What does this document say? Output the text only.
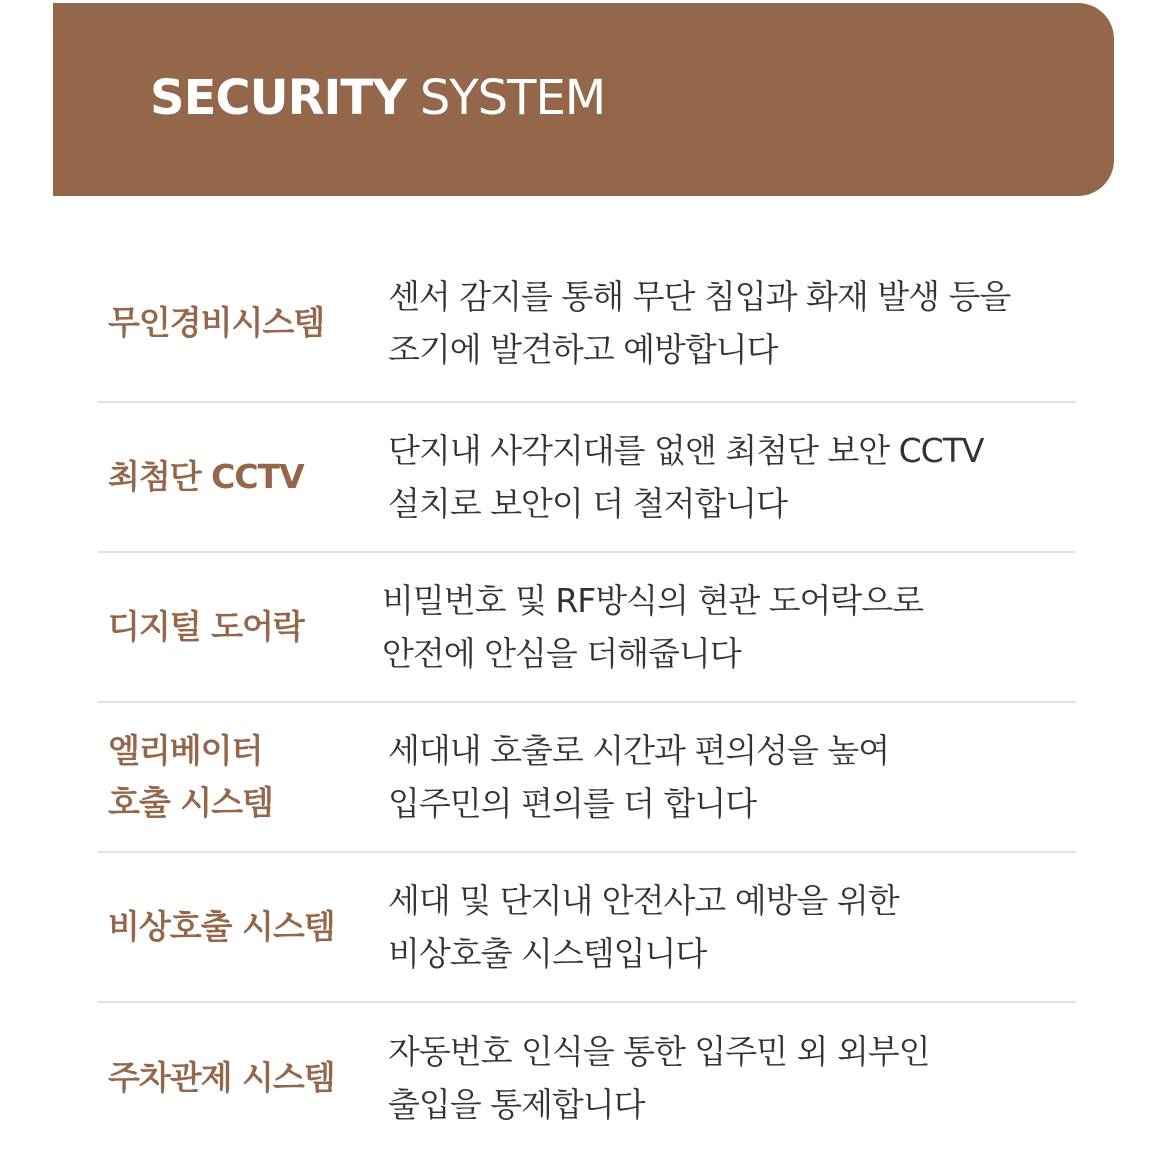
SECURITY SYSTEM
무인경비시스템
센서 감지를 통해 무단 침입과 화재 발생 등을
조기에 발견하고 예방합니다
최첨단 CCTV
단지내 사각지대를 없앤 최첨단 보안 CCTV
설치로 보안이 더 철저합니다
디지털 도어락
비밀번호 및 RF방식의 현관 도어락으로
안전에 안심을 더해줍니다
엘리베이터
호출 시스템
세대내 호출로 시간과 편의성을 높여
입주민의 편의를 더 합니다
비상호출 시스템
세대 및 단지내 안전사고 예방을 위한
비상호출 시스템입니다
주차관제 시스템
자동번호 인식을 통한 입주민 외 외부인
출입을 통제합니다
